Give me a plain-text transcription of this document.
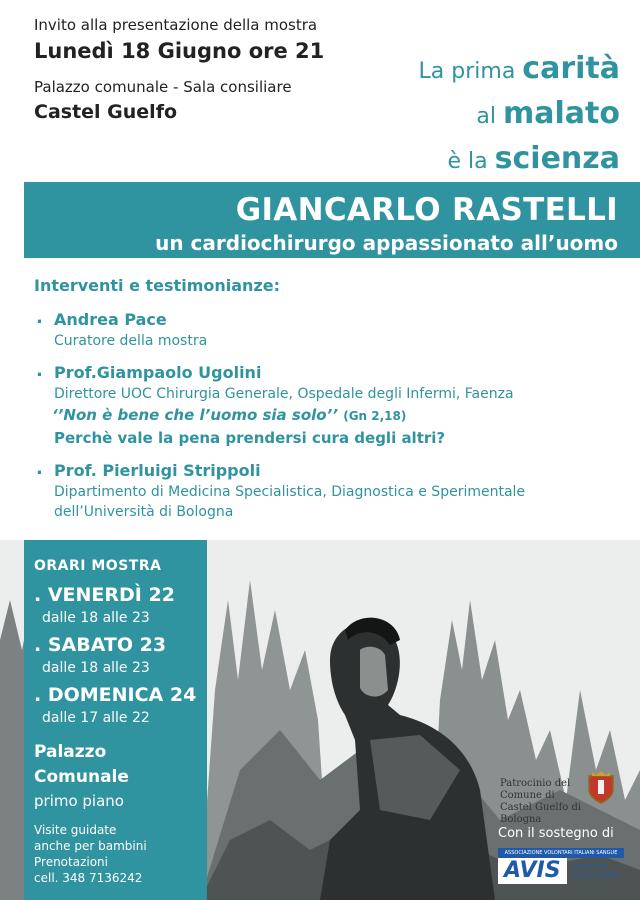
Invito alla presentazione della mostra
Lunedì 18 Giugno ore 21
Palazzo comunale - Sala consiliare
Castel Guelfo
La prima carità
al malato
è la scienza
GIANCARLO RASTELLI
un cardiochirurgo appassionato all’uomo
Interventi e testimonianze:
. Andrea Pace
Curatore della mostra
. Prof.Giampaolo Ugolini
Direttore UOC Chirurgia Generale, Ospedale degli Infermi, Faenza
‘’Non è bene che l’uomo sia solo’’ (Gn 2,18)
Perchè vale la pena prendersi cura degli altri?
. Prof. Pierluigi Strippoli
Dipartimento di Medicina Specialistica, Diagnostica e Sperimentale
dell’Università di Bologna
ORARI MOSTRA
. VENERDÌ 22
dalle 18 alle 23
. SABATO 23
dalle 18 alle 23
. DOMENICA 24
dalle 17 alle 22
Palazzo
Comunale
primo piano
Visite guidate
anche per bambini
Prenotazioni
cell. 348 7136242
Patrocinio del
Comune di
Castel Guelfo di Bologna
Con il sostegno di
ASSOCIAZIONE VOLONTARI ITALIANI SANGUE
AVIS	Comunale
Castel Guelfo
